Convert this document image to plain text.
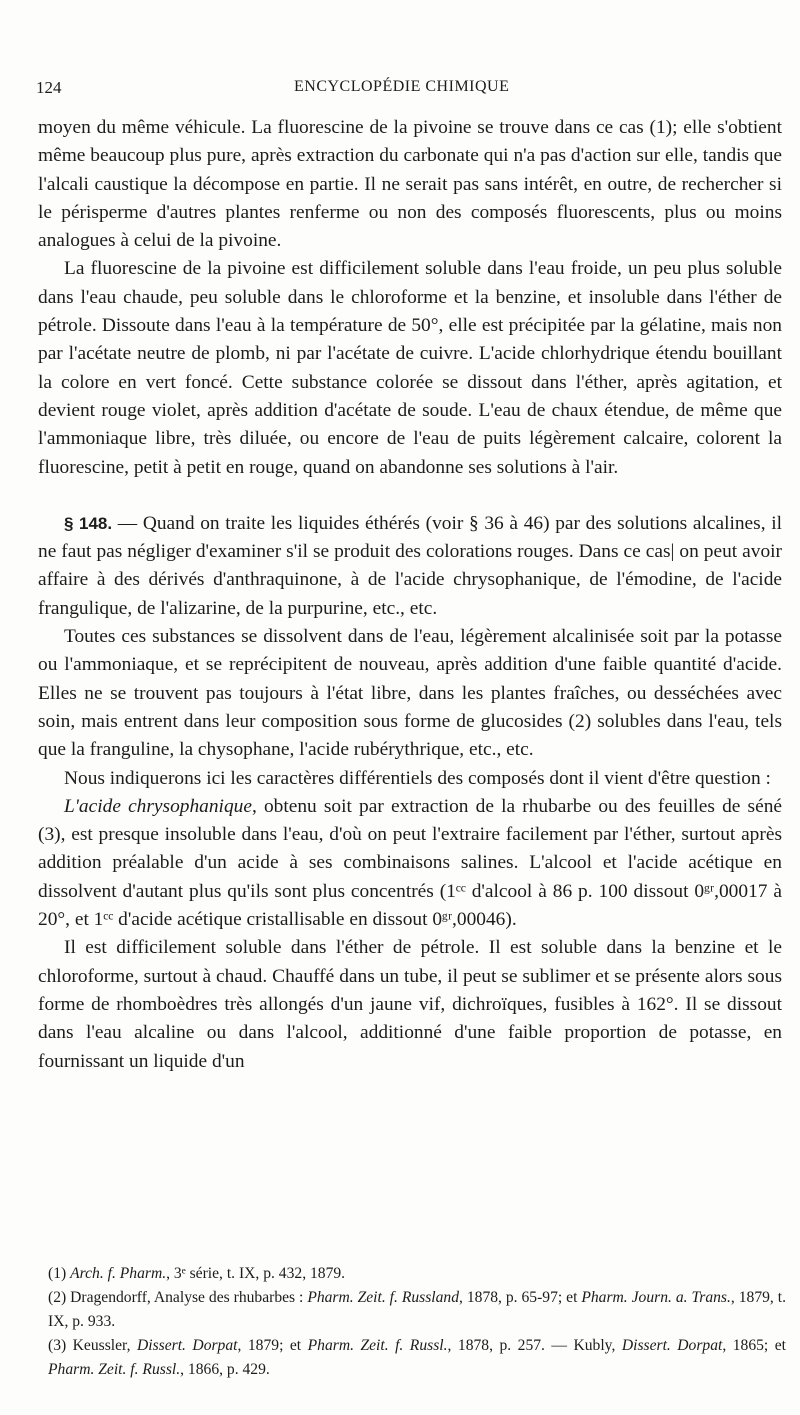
124	ENCYCLOPÉDIE CHIMIQUE

moyen du même véhicule. La fluorescine de la pivoine se trouve dans ce cas (1); elle s'obtient même beaucoup plus pure, après extraction du carbonate qui n'a pas d'action sur elle, tandis que l'alcali caustique la décompose en partie. Il ne serait pas sans intérêt, en outre, de rechercher si le périsperme d'autres plantes renferme ou non des composés fluorescents, plus ou moins analogues à celui de la pivoine.

La fluorescine de la pivoine est difficilement soluble dans l'eau froide, un peu plus soluble dans l'eau chaude, peu soluble dans le chloroforme et la benzine, et insoluble dans l'éther de pétrole. Dissoute dans l'eau à la température de 50°, elle est précipitée par la gélatine, mais non par l'acétate neutre de plomb, ni par l'acétate de cuivre. L'acide chlorhydrique étendu bouillant la colore en vert foncé. Cette substance colorée se dissout dans l'éther, après agitation, et devient rouge violet, après addition d'acétate de soude. L'eau de chaux étendue, de même que l'ammoniaque libre, très diluée, ou encore de l'eau de puits légèrement calcaire, colorent la fluorescine, petit à petit en rouge, quand on abandonne ses solutions à l'air.

§ 148. — Quand on traite les liquides éthérés (voir § 36 à 46) par des solutions alcalines, il ne faut pas négliger d'examiner s'il se produit des colorations rouges. Dans ce cas| on peut avoir affaire à des dérivés d'anthraquinone, à de l'acide chrysophanique, de l'émodine, de l'acide frangulique, de l'alizarine, de la purpurine, etc., etc.

Toutes ces substances se dissolvent dans de l'eau, légèrement alcalinisée soit par la potasse ou l'ammoniaque, et se reprécipitent de nouveau, après addition d'une faible quantité d'acide. Elles ne se trouvent pas toujours à l'état libre, dans les plantes fraîches, ou desséchées avec soin, mais entrent dans leur composition sous forme de glucosides (2) solubles dans l'eau, tels que la franguline, la chysophane, l'acide rubérythrique, etc., etc.

Nous indiquerons ici les caractères différentiels des composés dont il vient d'être question :

L'acide chrysophanique, obtenu soit par extraction de la rhubarbe ou des feuilles de séné (3), est presque insoluble dans l'eau, d'où on peut l'extraire facilement par l'éther, surtout après addition préalable d'un acide à ses combinaisons salines. L'alcool et l'acide acétique en dissolvent d'autant plus qu'ils sont plus concentrés (1ᶜᶜ d'alcool à 86 p. 100 dissout 0ᵍʳ,00017 à 20°, et 1ᶜᶜ d'acide acétique cristallisable en dissout 0ᵍʳ,00046).

Il est difficilement soluble dans l'éther de pétrole. Il est soluble dans la benzine et le chloroforme, surtout à chaud. Chauffé dans un tube, il peut se sublimer et se présente alors sous forme de rhomboèdres très allongés d'un jaune vif, dichroïques, fusibles à 162°. Il se dissout dans l'eau alcaline ou dans l'alcool, additionné d'une faible proportion de potasse, en fournissant un liquide d'un

(1) Arch. f. Pharm., 3ᵉ série, t. IX, p. 432, 1879.

(2) Dragendorff, Analyse des rhubarbes : Pharm. Zeit. f. Russland, 1878, p. 65-97; et Pharm. Journ. a. Trans., 1879, t. IX, p. 933.

(3) Keussler, Dissert. Dorpat, 1879; et Pharm. Zeit. f. Russl., 1878, p. 257. — Kubly, Dissert. Dorpat, 1865; et Pharm. Zeit. f. Russl., 1866, p. 429.
